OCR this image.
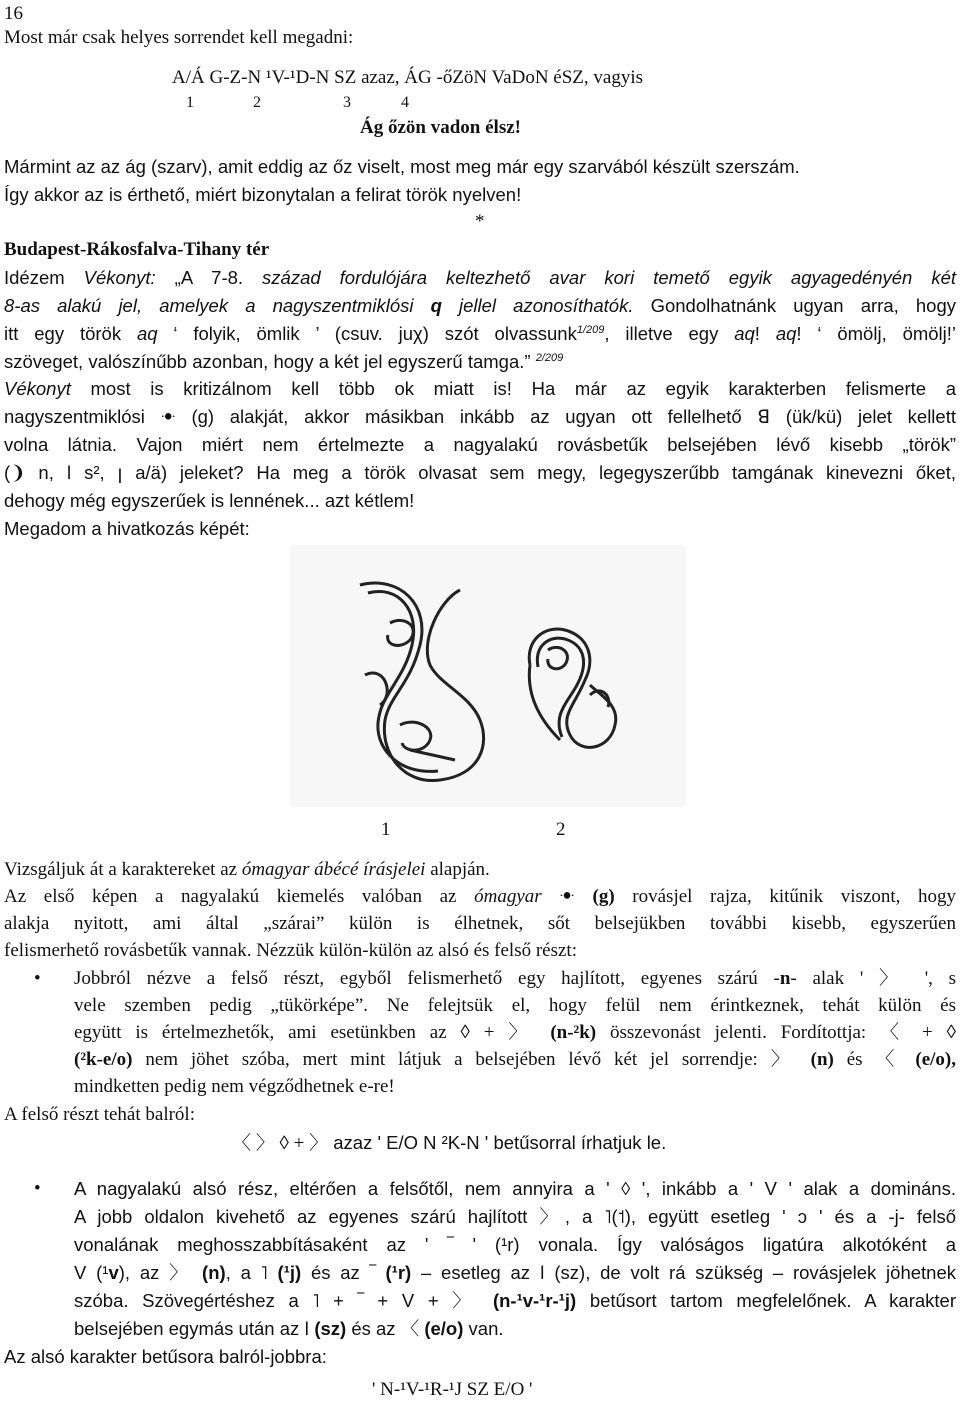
16
Most már csak helyes sorrendet kell megadni:
A/Á G-Z-N ¹V-¹D-N SZ azaz, ÁG -őZöN VaDoN éSZ, vagyis
1	2	3	4
Ág őzön vadon élsz!
Mármint az az ág (szarv), amit eddig az őz viselt, most meg már egy szarvából készült szerszám.
Így akkor az is érthető, miért bizonytalan a felirat török nyelven!
*
Budapest-Rákosfalva-Tihany tér
Idézem Vékonyt: „A 7-8. század fordulójára keltezhető avar kori temető egyik agyagedényén két
8-as alakú jel, amelyek a nagyszentmiklósi q jellel azonosíthatók. Gondolhatnánk ugyan arra, hogy
itt egy török aq ‘ folyik, ömlik ’ (csuv. juχ) szót olvassunk$^{1/209}$, illetve egy aq! aq! ‘ ömölj, ömölj!’
szöveget, valószínűbb azonban, hogy a két jel egyszerű tamga.” $^{2/209}$
Vékonyt most is kritizálnom kell több ok miatt is! Ha már az egyik karakterben felismerte a
nagyszentmiklósi ꔹ (g) alakját, akkor másikban inkább az ugyan ott fellelhető ꓭ (ük/kü) jelet kellett
volna látnia. Vajon miért nem értelmezte a nagyalakú rovásbetűk belsejében lévő kisebb „török”
(❩ n, ǀ s², ꞁ a/ä) jeleket? Ha meg a török olvasat sem megy, legegyszerűbb tamgának kinevezni őket,
dehogy még egyszerűek is lennének... azt kétlem!
Megadom a hivatkozás képét:
1	2
Vizsgáljuk át a karaktereket az ómagyar ábécé írásjelei alapján.
Az első képen a nagyalakú kiemelés valóban az ómagyar ꔹ (g) rovásjel rajza, kitűnik viszont, hogy
alakja nyitott, ami által „szárai” külön is élhetnek, sőt belsejükben további kisebb, egyszerűen
felismerhető rovásbetűk vannak. Nézzük külön-külön az alsó és felső részt:
• Jobbról nézve a felső részt, egyből felismerhető egy hajlított, egyenes szárú -n- alak ' 〉 ', s
vele szemben pedig „tükörképe”. Ne felejtsük el, hogy felül nem érintkeznek, tehát külön és
együtt is értelmezhetők, ami esetünkben az ◊ + 〉 (n-²k) összevonást jelenti. Fordítottja: 〈 + ◊
(²k-e/o) nem jöhet szóba, mert mint látjuk a belsejében lévő két jel sorrendje: 〉 (n) és 〈 (e/o),
mindketten pedig nem végződhetnek e-re!
A felső részt tehát balról:
〈 〉 ◊ + 〉 azaz ' E/O N ²K-N ' betűsorral írhatjuk le.
• A nagyalakú alsó rész, eltérően a felsőtől, nem annyira a ' ◊ ', inkább a ' V ' alak a domináns.
A jobb oldalon kivehető az egyenes szárú hajlított 〉, a ˥(˦), együtt esetleg ' ɔ ' és a -j- felső
vonalának meghosszabbításaként az ' ‾ ' (¹r) vonala. Így valóságos ligatúra alkotóként a
V (¹v), az 〉 (n), a ˥ (¹j) és az ‾ (¹r) – esetleg az ǀ (sz), de volt rá szükség – rovásjelek jöhetnek
szóba. Szövegértéshez a ˥ + ‾ + V + 〉 (n-¹v-¹r-¹j) betűsort tartom megfelelőnek. A karakter
belsejében egymás után az ǀ (sz) és az 〈 (e/o) van.
Az alsó karakter betűsora balról-jobbra:
' N-¹V-¹R-¹J SZ E/O '
